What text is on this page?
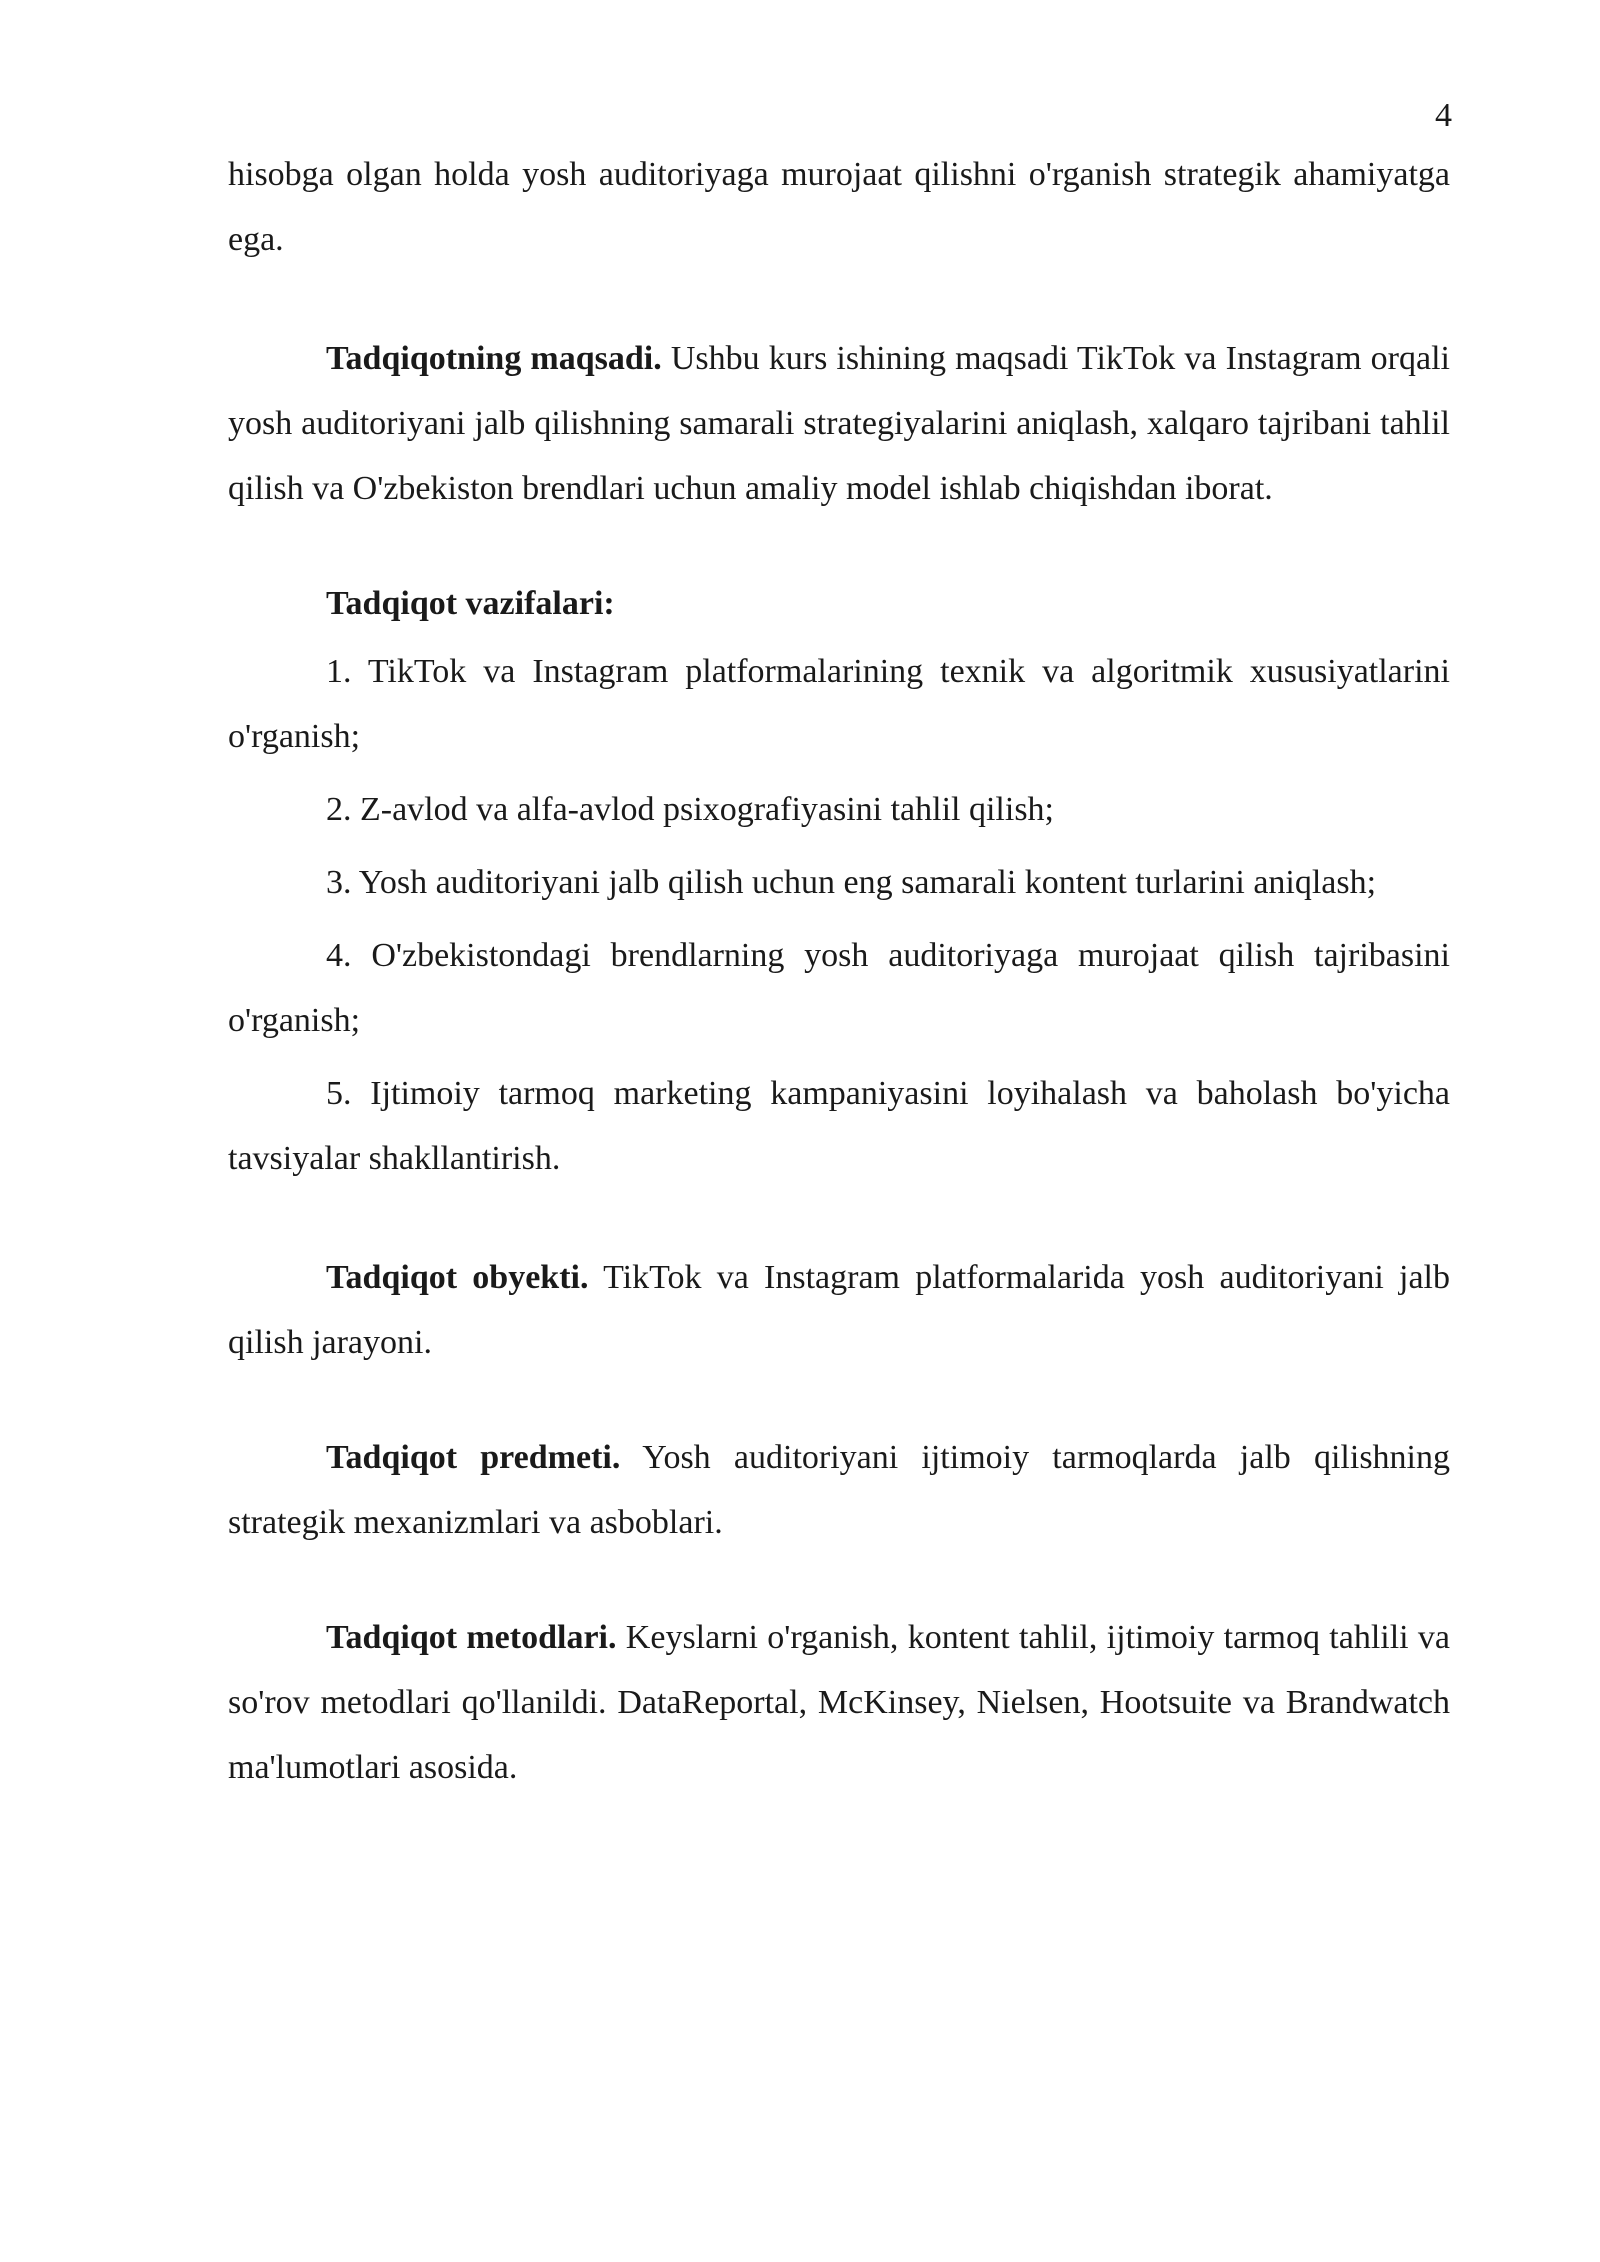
4

hisobga olgan holda yosh auditoriyaga murojaat qilishni o'rganish strategik ahamiyatga ega.

Tadqiqotning maqsadi. Ushbu kurs ishining maqsadi TikTok va Instagram orqali yosh auditoriyani jalb qilishning samarali strategiyalarini aniqlash, xalqaro tajribani tahlil qilish va O'zbekiston brendlari uchun amaliy model ishlab chiqishdan iborat.

Tadqiqot vazifalari:

1. TikTok va Instagram platformalarining texnik va algoritmik xususiyatlarini o'rganish;

2. Z-avlod va alfa-avlod psixografiyasini tahlil qilish;

3. Yosh auditoriyani jalb qilish uchun eng samarali kontent turlarini aniqlash;

4. O'zbekistondagi brendlarning yosh auditoriyaga murojaat qilish tajribasini o'rganish;

5. Ijtimoiy tarmoq marketing kampaniyasini loyihalash va baholash bo'yicha tavsiyalar shakllantirish.

Tadqiqot obyekti. TikTok va Instagram platformalarida yosh auditoriyani jalb qilish jarayoni.

Tadqiqot predmeti. Yosh auditoriyani ijtimoiy tarmoqlarda jalb qilishning strategik mexanizmlari va asboblari.

Tadqiqot metodlari. Keyslarni o'rganish, kontent tahlil, ijtimoiy tarmoq tahlili va so'rov metodlari qo'llanildi. DataReportal, McKinsey, Nielsen, Hootsuite va Brandwatch ma'lumotlari asosida.
